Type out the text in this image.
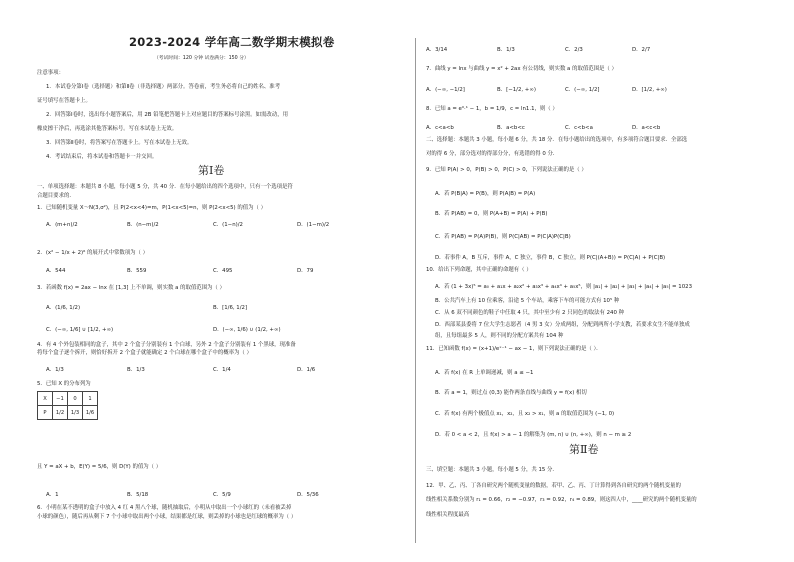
2023-2024 学年高二数学期末模拟卷
（考试时间：120 分钟 试卷满分：150 分）
注意事项：
1．本试卷分第Ⅰ卷（选择题）和第Ⅱ卷（非选择题）两部分。答卷前，考生务必将自己的姓名、准考
证号填写在答题卡上。
2．回答第Ⅰ卷时，选出每小题答案后，用 2B 铅笔把答题卡上对应题目的答案标号涂黑。如需改动，用
橡皮擦干净后，再选涂其他答案标号。写在本试卷上无效。
3．回答第Ⅱ卷时，将答案写在答题卡上。写在本试卷上无效。
4．考试结束后，将本试卷和答题卡一并交回。
第Ⅰ卷
一、单项选择题：本题共 8 小题，每小题 5 分，共 40 分．在每小题给出的四个选项中，只有一个选项是符
合题目要求的．
1．已知随机变量 X～N(3,σ²)，且 P(2<x<4)=m，P(1<x<5)=n，则 P(2<x<5) 的值为（ ）
A．(m+n)/2	B．(n−m)/2	C．(1−n)/2	D．(1−m)/2
2．(x² − 1/x + 2)⁶ 的展开式中常数项为（ ）
A．544	B．559	C．495	D．79
3．若函数 f(x) = 2ax − lnx 在 [1,3] 上不单调，则实数 a 的取值范围为（ ）
A．(1/6, 1/2)	B．[1/6, 1/2]
C．(−∞, 1/6] ∪ [1/2, +∞)	D．(−∞, 1/6) ∪ (1/2, +∞)
4．有 4 个外包装相同的盒子，其中 2 个盒子分别装有 1 个白球，另外 2 个盒子分别装有 1 个黑球，现准备
将每个盒子逐个拆开，则恰好拆开 2 个盒子就能确定 2 个白球在哪个盒子中的概率为（ ）
A．1/3	B．1/3	C．1/4	D．1/6
5．已知 X 的分布列为
X	−1	0	1
P	1/2	1/3	1/6
且 Y = aX + b，E(Y) = 5/6，则 D(Y) 的值为（ ）
A．1	B．5/18	C．5/9	D．5/36
6．小明在某不透明的盒子中放入 4 红 4 黑八个球，随机抽取后，小明从中取出一个小球红的（未看被丢掉
小球的颜色），随后再从剩下 7 个小球中取出两个小球，结果都是红球，则丢掉的小球也是红球的概率为（ ）
A．3/14	B．1/3	C．2/3	D．2/7
7．曲线 y = lnx 与曲线 y = x² + 2ax 有公切线，则实数 a 的取值范围是（ ）
A．(−∞, −1/2]	B．[−1/2, +∞)	C．(−∞, 1/2]	D．[1/2, +∞)
8．已知 a = e⁰·¹ − 1，b = 1/9，c = ln1.1，则（ ）
A．c<a<b	B．a<b<c	C．c<b<a	D．a<c<b
二、选择题：本题共 3 小题，每小题 6 分，共 18 分．在每小题给出的选项中，有多项符合题目要求．全部选
对的得 6 分，部分选对的得部分分，有选错的得 0 分．
9．已知 P(A) > 0，P(B) > 0，P(C) > 0，下列说法正确的是（ ）
A．若 P(B|A) = P(B)，则 P(A|B) = P(A)
B．若 P(AB) = 0，则 P(A+B) = P(A) + P(B)
C．若 P(AB) = P(A)P(B)，则 P(C|AB) = P(C|A)P(C|B)
D．若事件 A，B 互斥，事件 A，C 独立，事件 B，C 独立，则 P(C|(A+B)) = P(C|A) + P(C|B)
10．给出下列命题，其中正确的命题有（ ）
A．若 (1 + 3x)⁵ = a₀ + a₁x + a₂x² + a₃x³ + a₄x⁴ + a₅x⁵，则 |a₁| + |a₂| + |a₃| + |a₄| + |a₅| = 1023
B．公共汽车上有 10 位乘客，沿途 5 个车站，乘客下车的可能方式有 10⁵ 种
C．从 6 双不同颜色的鞋子中任取 4 只，其中至少有 2 只同色的取法有 240 种
D．西部某县委将 7 位大学生志愿者（4 男 3 女）分成两组，分配到两所小学支教，若要求女生不能单独成
组，且每组最多 5 人，则不同的分配方案共有 104 种
11．已知函数 f(x) = (x+1)/eˣ⁻¹ − ax − 1，则下列说法正确的是（ ）．
A．若 f(x) 在 R 上单调递减，则 a ≤ −1
B．若 a = 1，则过点 (0,3) 能作两条直线与曲线 y = f(x) 相切
C．若 f(x) 有两个极值点 x₁，x₂，且 x₂ > x₁，则 a 的取值范围为 (−1, 0)
D．若 0 < a < 2，且 f(x) > a − 1 的解集为 (m, n) ∪ (n, +∞)，则 n − m ≥ 2
第Ⅱ卷
三、填空题：本题共 3 小题，每小题 5 分，共 15 分．
12．甲、乙、丙、丁各自研究两个随机变量的数据，若甲、乙、丙、丁计算得到各自研究的两个随机变量的
线性相关系数分别为 r₁ = 0.66，r₂ = −0.97，r₃ = 0.92，r₄ = 0.89，则这四人中，____研究的两个随机变量的
线性相关程度最高
